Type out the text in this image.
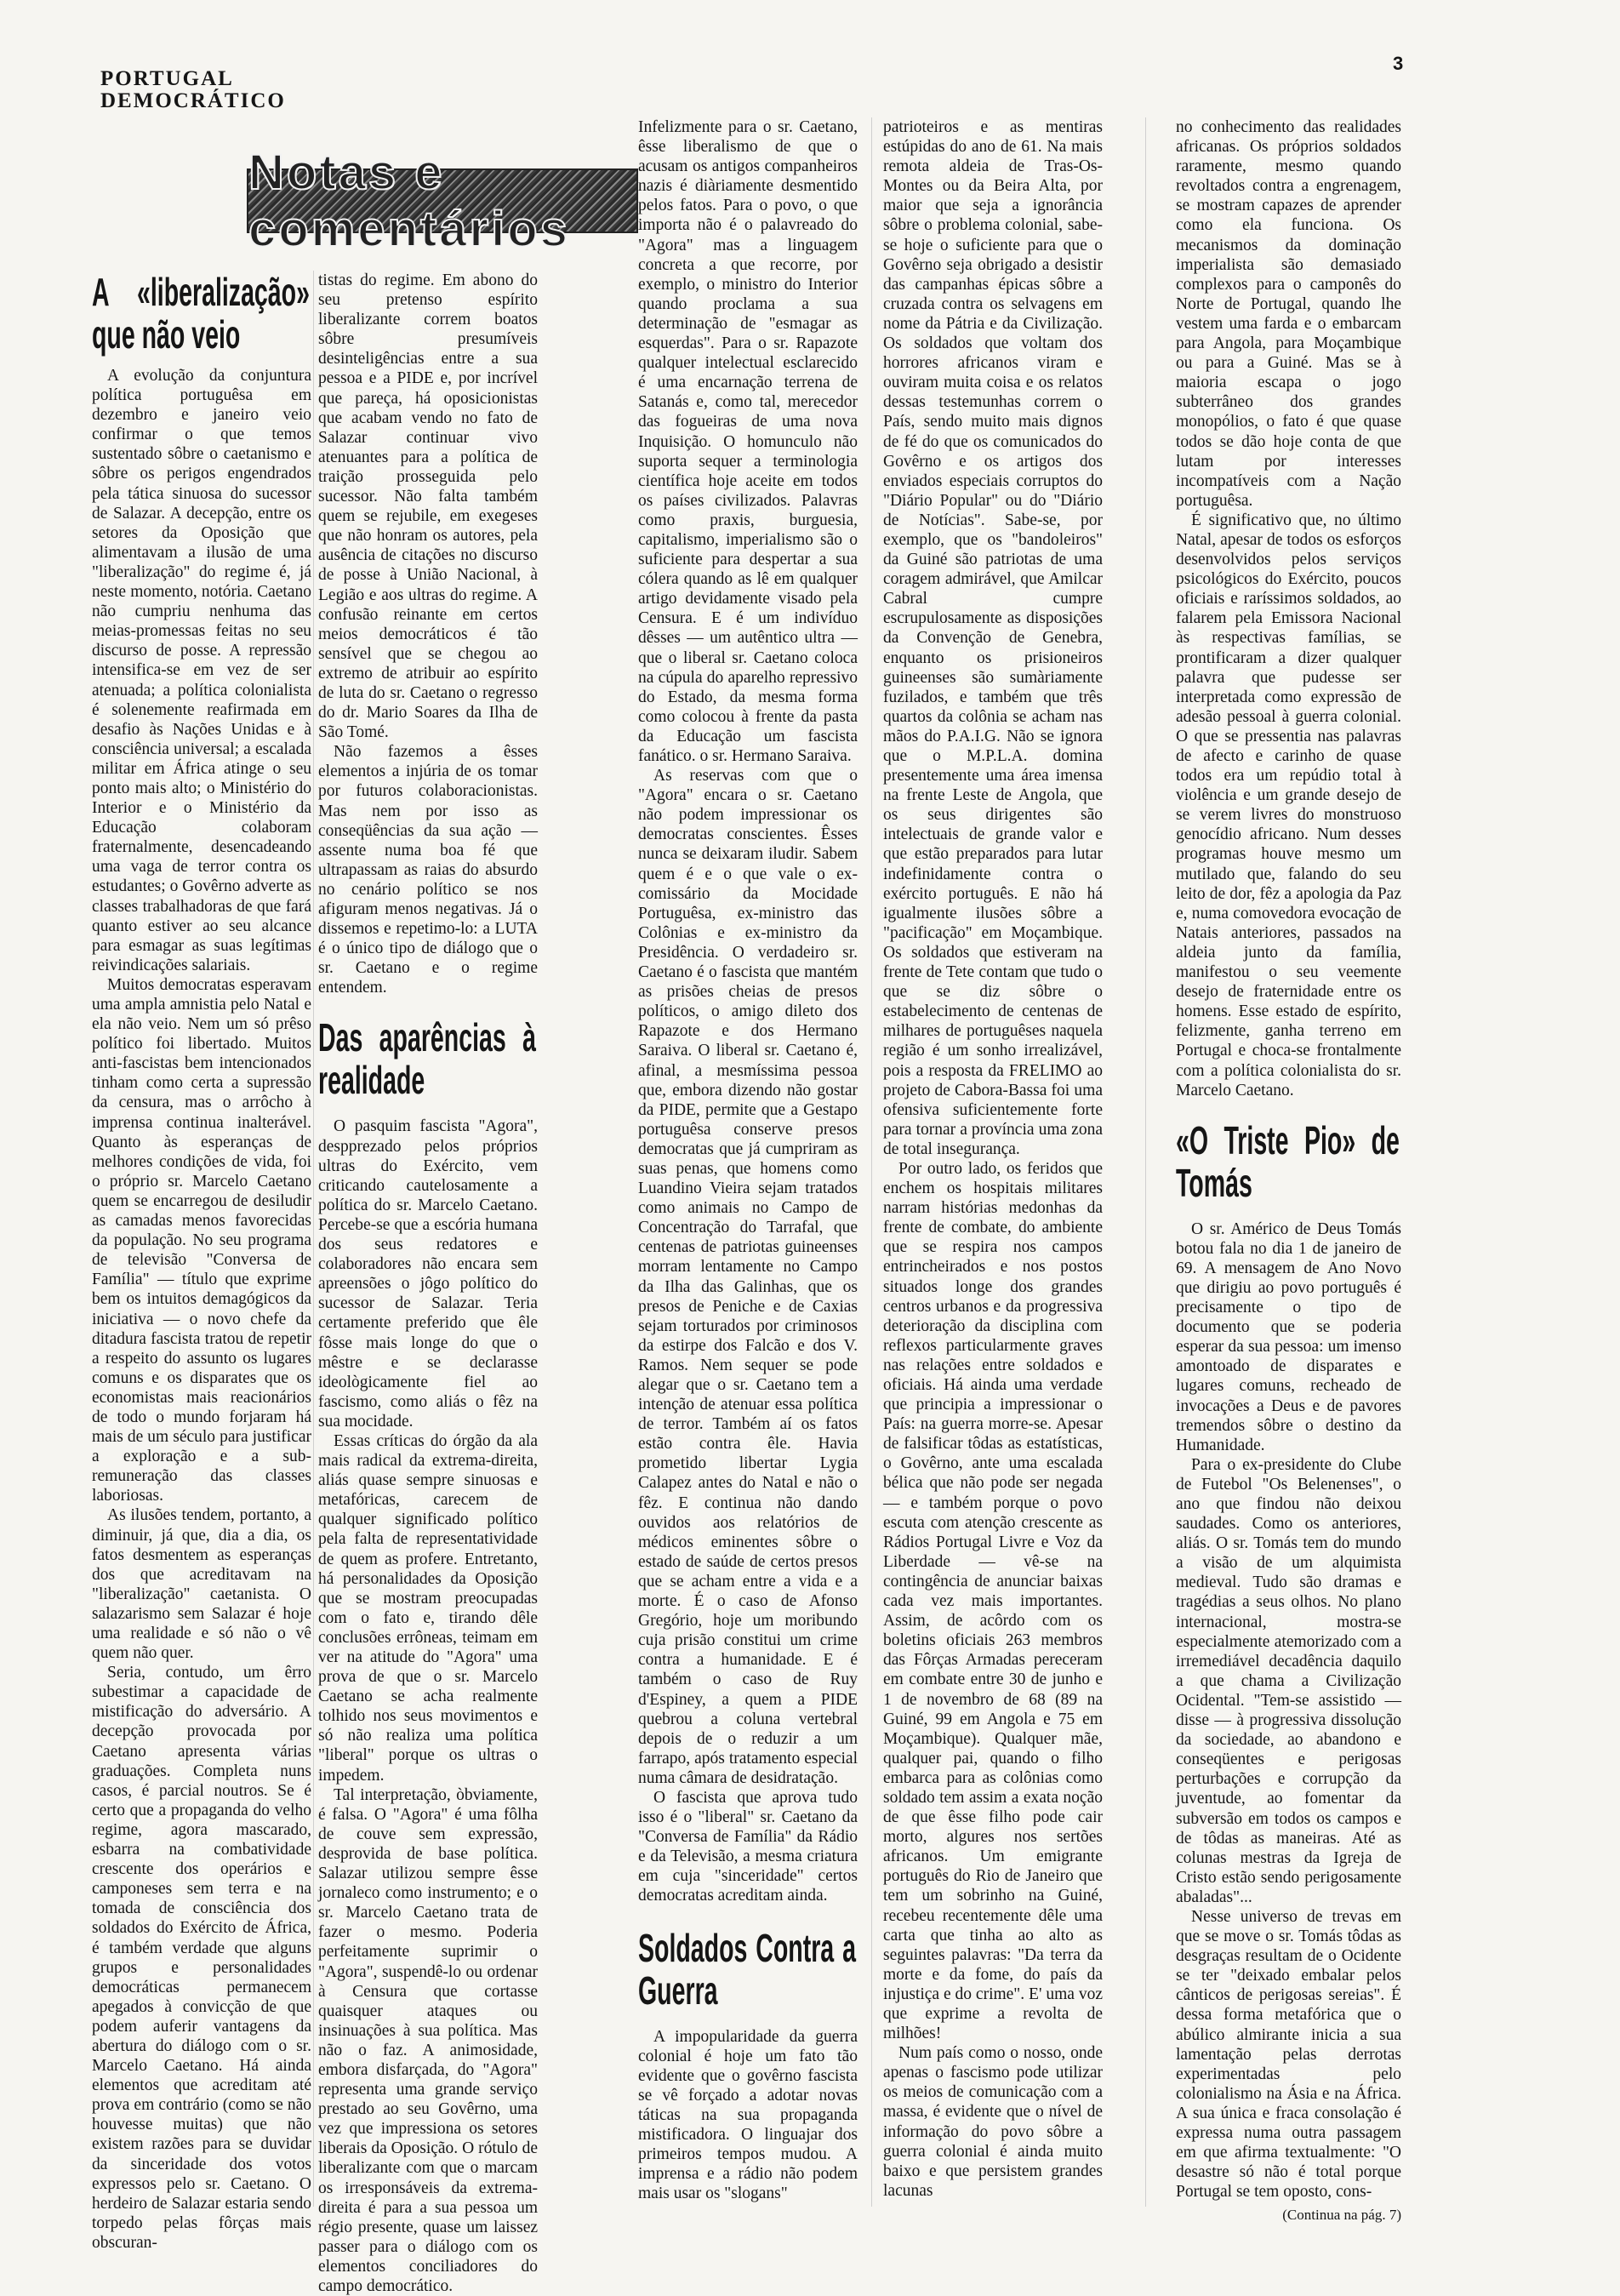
PORTUGAL
DEMOCRÁTICO
3
Notas e comentários
A «liberalização» que não veio

A evolução da conjuntura política portuguêsa em dezembro e janeiro veio confirmar o que temos sustentado sôbre o caetanismo e sôbre os perigos engendrados pela tática sinuosa do sucessor de Salazar. A decepção, entre os setores da Oposição que alimentavam a ilusão de uma "liberalização" do regime é, já neste momento, notória. Caetano não cumpriu nenhuma das meias-promessas feitas no seu discurso de posse. A repressão intensifica-se em vez de ser atenuada; a política colonialista é solenemente reafirmada em desafio às Nações Unidas e à consciência universal; a escalada militar em África atinge o seu ponto mais alto; o Ministério do Interior e o Ministério da Educação colaboram fraternalmente, desencadeando uma vaga de terror contra os estudantes; o Govêrno adverte as classes trabalhadoras de que fará quanto estiver ao seu alcance para esmagar as suas legítimas reivindicações salariais.

Muitos democratas esperavam uma ampla amnistia pelo Natal e ela não veio. Nem um só prêso político foi libertado. Muitos anti-fascistas bem intencionados tinham como certa a supressão da censura, mas o arrôcho à imprensa continua inalterável. Quanto às esperanças de melhores condições de vida, foi o próprio sr. Marcelo Caetano quem se encarregou de desiludir as camadas menos favorecidas da população. No seu programa de televisão "Conversa de Família" — título que exprime bem os intuitos demagógicos da iniciativa — o novo chefe da ditadura fascista tratou de repetir a respeito do assunto os lugares comuns e os disparates que os economistas mais reacionários de todo o mundo forjaram há mais de um século para justificar a exploração e a sub-remuneração das classes laboriosas.

As ilusões tendem, portanto, a diminuir, já que, dia a dia, os fatos desmentem as esperanças dos que acreditavam na "liberalização" caetanista. O salazarismo sem Salazar é hoje uma realidade e só não o vê quem não quer.

Seria, contudo, um êrro subestimar a capacidade de mistificação do adversário. A decepção provocada por Caetano apresenta várias graduações. Completa nuns casos, é parcial noutros. Se é certo que a propaganda do velho regime, agora mascarado, esbarra na combatividade crescente dos operários e camponeses sem terra e na tomada de consciência dos soldados do Exército de África, é também verdade que alguns grupos e personalidades democráticas permanecem apegados à convicção de que podem auferir vantagens da abertura do diálogo com o sr. Marcelo Caetano. Há ainda elementos que acreditam até prova em contrário (como se não houvesse muitas) que não existem razões para se duvidar da sinceridade dos votos expressos pelo sr. Caetano. O herdeiro de Salazar estaria sendo torpedo pelas fôrças mais obscuran-

tistas do regime. Em abono do seu pretenso espírito liberalizante correm boatos sôbre presumíveis desinteligências entre a sua pessoa e a PIDE e, por incrível que pareça, há oposicionistas que acabam vendo no fato de Salazar continuar vivo atenuantes para a política de traição prosseguida pelo sucessor. Não falta também quem se rejubile, em exegeses que não honram os autores, pela ausência de citações no discurso de posse à União Nacional, à Legião e aos ultras do regime. A confusão reinante em certos meios democráticos é tão sensível que se chegou ao extremo de atribuir ao espírito de luta do sr. Caetano o regresso do dr. Mario Soares da Ilha de São Tomé.

Não fazemos a êsses elementos a injúria de os tomar por futuros colaboracionistas. Mas nem por isso as conseqüências da sua ação — assente numa boa fé que ultrapassam as raias do absurdo no cenário político se nos afiguram menos negativas. Já o dissemos e repetimo-lo: a LUTA é o único tipo de diálogo que o sr. Caetano e o regime entendem.

Das aparências à realidade

O pasquim fascista "Agora", despprezado pelos próprios ultras do Exército, vem criticando cautelosamente a política do sr. Marcelo Caetano. Percebe-se que a escória humana dos seus redatores e colaboradores não encara sem apreensões o jôgo político do sucessor de Salazar. Teria certamente preferido que êle fôsse mais longe do que o mêstre e se declarasse ideològicamente fiel ao fascismo, como aliás o fêz na sua mocidade.

Essas críticas do órgão da ala mais radical da extrema-direita, aliás quase sempre sinuosas e metafóricas, carecem de qualquer significado político pela falta de representatividade de quem as profere. Entretanto, há personalidades da Oposição que se mostram preocupadas com o fato e, tirando dêle conclusões errôneas, teimam em ver na atitude do "Agora" uma prova de que o sr. Marcelo Caetano se acha realmente tolhido nos seus movimentos e só não realiza uma política "liberal" porque os ultras o impedem.

Tal interpretação, òbviamente, é falsa. O "Agora" é uma fôlha de couve sem expressão, desprovida de base política. Salazar utilizou sempre êsse jornaleco como instrumento; e o sr. Marcelo Caetano trata de fazer o mesmo. Poderia perfeitamente suprimir o "Agora", suspendê-lo ou ordenar à Censura que cortasse quaisquer ataques ou insinuações à sua política. Mas não o faz. A animosidade, embora disfarçada, do "Agora" representa uma grande serviço prestado ao seu Govêrno, uma vez que impressiona os setores liberais da Oposição. O rótulo de liberalizante com que o marcam os irresponsáveis da extrema-direita é para a sua pessoa um régio presente, quase um laissez passer para o diálogo com os elementos conciliadores do campo democrático.

Infelizmente para o sr. Caetano, êsse liberalismo de que o acusam os antigos companheiros nazis é diàriamente desmentido pelos fatos. Para o povo, o que importa não é o palavreado do "Agora" mas a linguagem concreta a que recorre, por exemplo, o ministro do Interior quando proclama a sua determinação de "esmagar as esquerdas". Para o sr. Rapazote qualquer intelectual esclarecido é uma encarnação terrena de Satanás e, como tal, merecedor das fogueiras de uma nova Inquisição. O homunculo não suporta sequer a terminologia científica hoje aceite em todos os países civilizados. Palavras como praxis, burguesia, capitalismo, imperialismo são o suficiente para despertar a sua cólera quando as lê em qualquer artigo devidamente visado pela Censura. E é um indivíduo dêsses — um autêntico ultra — que o liberal sr. Caetano coloca na cúpula do aparelho repressivo do Estado, da mesma forma como colocou à frente da pasta da Educação um fascista fanático. o sr. Hermano Saraiva.

As reservas com que o "Agora" encara o sr. Caetano não podem impressionar os democratas conscientes. Êsses nunca se deixaram iludir. Sabem quem é e o que vale o ex-comissário da Mocidade Portuguêsa, ex-ministro das Colônias e ex-ministro da Presidência. O verdadeiro sr. Caetano é o fascista que mantém as prisões cheias de presos políticos, o amigo dileto dos Rapazote e dos Hermano Saraiva. O liberal sr. Caetano é, afinal, a mesmíssima pessoa que, embora dizendo não gostar da PIDE, permite que a Gestapo portuguêsa conserve presos democratas que já cumpriram as suas penas, que homens como Luandino Vieira sejam tratados como animais no Campo de Concentração do Tarrafal, que centenas de patriotas guineenses morram lentamente no Campo da Ilha das Galinhas, que os presos de Peniche e de Caxias sejam torturados por criminosos da estirpe dos Falcão e dos V. Ramos. Nem sequer se pode alegar que o sr. Caetano tem a intenção de atenuar essa política de terror. Também aí os fatos estão contra êle. Havia prometido libertar Lygia Calapez antes do Natal e não o fêz. E continua não dando ouvidos aos relatórios de médicos eminentes sôbre o estado de saúde de certos presos que se acham entre a vida e a morte. É o caso de Afonso Gregório, hoje um moribundo cuja prisão constitui um crime contra a humanidade. E é também o caso de Ruy d'Espiney, a quem a PIDE quebrou a coluna vertebral depois de o reduzir a um farrapo, após tratamento especial numa câmara de desidratação.

O fascista que aprova tudo isso é o "liberal" sr. Caetano da "Conversa de Família" da Rádio e da Televisão, a mesma criatura em cuja "sinceridade" certos democratas acreditam ainda.

Soldados Contra a Guerra

A impopularidade da guerra colonial é hoje um fato tão evidente que o govêrno fascista se vê forçado a adotar novas táticas na sua propaganda mistificadora. O linguajar dos primeiros tempos mudou. A imprensa e a rádio não podem mais usar os "slogans"

patrioteiros e as mentiras estúpidas do ano de 61. Na mais remota aldeia de Tras-Os-Montes ou da Beira Alta, por maior que seja a ignorância sôbre o problema colonial, sabe-se hoje o suficiente para que o Govêrno seja obrigado a desistir das campanhas épicas sôbre a cruzada contra os selvagens em nome da Pátria e da Civilização. Os soldados que voltam dos horrores africanos viram e ouviram muita coisa e os relatos dessas testemunhas correm o País, sendo muito mais dignos de fé do que os comunicados do Govêrno e os artigos dos enviados especiais corruptos do "Diário Popular" ou do "Diário de Notícias". Sabe-se, por exemplo, que os "bandoleiros" da Guiné são patriotas de uma coragem admirável, que Amilcar Cabral cumpre escrupulosamente as disposições da Convenção de Genebra, enquanto os prisioneiros guineenses são sumàriamente fuzilados, e também que três quartos da colônia se acham nas mãos do P.A.I.G. Não se ignora que o M.P.L.A. domina presentemente uma área imensa na frente Leste de Angola, que os seus dirigentes são intelectuais de grande valor e que estão preparados para lutar indefinidamente contra o exército português. E não há igualmente ilusões sôbre a "pacificação" em Moçambique. Os soldados que estiveram na frente de Tete contam que tudo o que se diz sôbre o estabelecimento de centenas de milhares de portuguêses naquela região é um sonho irrealizável, pois a resposta da FRELIMO ao projeto de Cabora-Bassa foi uma ofensiva suficientemente forte para tornar a província uma zona de total insegurança.

Por outro lado, os feridos que enchem os hospitais militares narram histórias medonhas da frente de combate, do ambiente que se respira nos campos entrincheirados e nos postos situados longe dos grandes centros urbanos e da progressiva deterioração da disciplina com reflexos particularmente graves nas relações entre soldados e oficiais. Há ainda uma verdade que principia a impressionar o País: na guerra morre-se. Apesar de falsificar tôdas as estatísticas, o Govêrno, ante uma escalada bélica que não pode ser negada — e também porque o povo escuta com atenção crescente as Rádios Portugal Livre e Voz da Liberdade — vê-se na contingência de anunciar baixas cada vez mais importantes. Assim, de acôrdo com os boletins oficiais 263 membros das Fôrças Armadas pereceram em combate entre 30 de junho e 1 de novembro de 68 (89 na Guiné, 99 em Angola e 75 em Moçambique). Qualquer mãe, qualquer pai, quando o filho embarca para as colônias como soldado tem assim a exata noção de que êsse filho pode cair morto, algures nos sertões africanos. Um emigrante português do Rio de Janeiro que tem um sobrinho na Guiné, recebeu recentemente dêle uma carta que tinha ao alto as seguintes palavras: "Da terra da morte e da fome, do país da injustiça e do crime". E' uma voz que exprime a revolta de milhões!

Num país como o nosso, onde apenas o fascismo pode utilizar os meios de comunicação com a massa, é evidente que o nível de informação do povo sôbre a guerra colonial é ainda muito baixo e que persistem grandes lacunas

no conhecimento das realidades africanas. Os próprios soldados raramente, mesmo quando revoltados contra a engrenagem, se mostram capazes de aprender como ela funciona. Os mecanismos da dominação imperialista são demasiado complexos para o camponês do Norte de Portugal, quando lhe vestem uma farda e o embarcam para Angola, para Moçambique ou para a Guiné. Mas se à maioria escapa o jogo subterrâneo dos grandes monopólios, o fato é que quase todos se dão hoje conta de que lutam por interesses incompatíveis com a Nação portuguêsa.

É significativo que, no último Natal, apesar de todos os esforços desenvolvidos pelos serviços psicológicos do Exército, poucos oficiais e raríssimos soldados, ao falarem pela Emissora Nacional às respectivas famílias, se prontificaram a dizer qualquer palavra que pudesse ser interpretada como expressão de adesão pessoal à guerra colonial. O que se pressentia nas palavras de afecto e carinho de quase todos era um repúdio total à violência e um grande desejo de se verem livres do monstruoso genocídio africano. Num desses programas houve mesmo um mutilado que, falando do seu leito de dor, fêz a apologia da Paz e, numa comovedora evocação de Natais anteriores, passados na aldeia junto da família, manifestou o seu veemente desejo de fraternidade entre os homens. Esse estado de espírito, felizmente, ganha terreno em Portugal e choca-se frontalmente com a política colonialista do sr. Marcelo Caetano.

«O Triste Pio» de Tomás

O sr. Américo de Deus Tomás botou fala no dia 1 de janeiro de 69. A mensagem de Ano Novo que dirigiu ao povo português é precisamente o tipo de documento que se poderia esperar da sua pessoa: um imenso amontoado de disparates e lugares comuns, recheado de invocações a Deus e de pavores tremendos sôbre o destino da Humanidade.

Para o ex-presidente do Clube de Futebol "Os Belenenses", o ano que findou não deixou saudades. Como os anteriores, aliás. O sr. Tomás tem do mundo a visão de um alquimista medieval. Tudo são dramas e tragédias a seus olhos. No plano internacional, mostra-se especialmente atemorizado com a irremediável decadência daquilo a que chama a Civilização Ocidental. "Tem-se assistido — disse — à progressiva dissolução da sociedade, ao abandono e conseqüentes e perigosas perturbações e corrupção da juventude, ao fomentar da subversão em todos os campos e de tôdas as maneiras. Até as colunas mestras da Igreja de Cristo estão sendo perigosamente abaladas"...

Nesse universo de trevas em que se move o sr. Tomás tôdas as desgraças resultam de o Ocidente se ter "deixado embalar pelos cânticos de perigosas sereias". É dessa forma metafórica que o abúlico almirante inicia a sua lamentação pelas derrotas experimentadas pelo colonialismo na Ásia e na África. A sua única e fraca consolação é expressa numa outra passagem em que afirma textualmente: "O desastre só não é total porque Portugal se tem oposto, cons-

(Continua na pág. 7)
